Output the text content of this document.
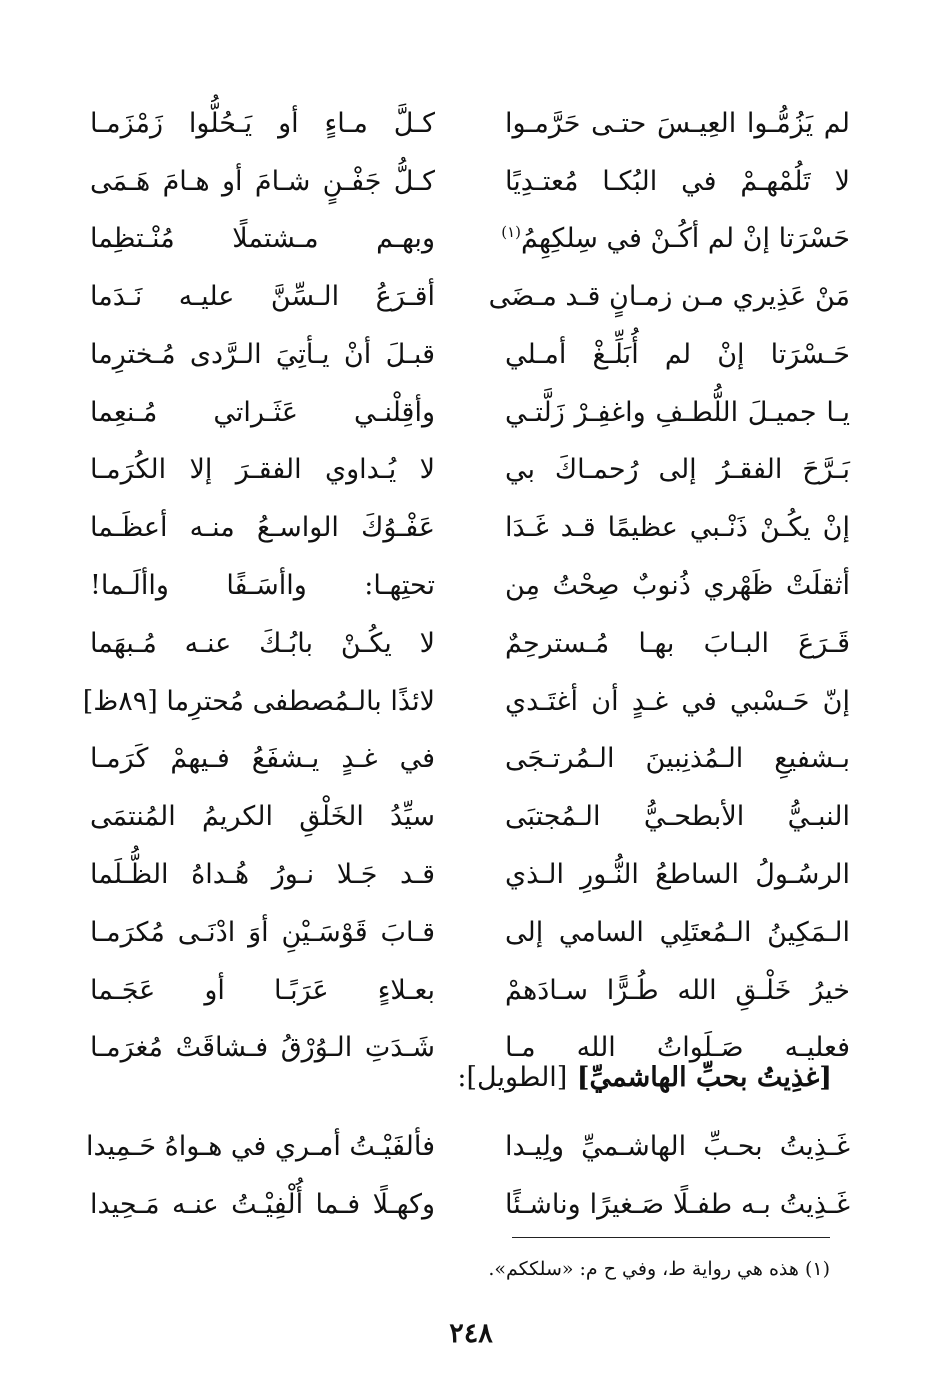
لم يَزُمُّـوا العِيـسَ حتـى حَرَّمـوا
كـلَّ مـاءٍ أو يَـحُلُّوا زَمْزَمـا
لا تَلُمْهـمْ في البُكـا مُعتـدِيًا
كـلُّ جَفْـنٍ شـامَ أو هـامَ هَـمَى
حَسْرَتا إنْ لم أكُـنْ في سِلكِهِمُ$^{(١)}$
وبهـم مـشتملًا مُنْـتظِما
مَنْ عَذِيري مـن زمـانٍ قـد مـضَى
أقـرَعُ الـسِّنَّ عليـه نَـدَما
حَـسْرَتا إنْ لم أُبَلِّـغْ أمـلي
قبـلَ أنْ يـأتِيَ الـرَّدى مُـخترِما
يـا جميـلَ اللُّطـفِ واغفِـرْ زَلَّتـي
وأقِلْنـي عَثَـراتي مُـنعِما
بَـرَّحَ الفقـرُ إلى رُحمـاكَ بي
لا يُـداوي الفقـرَ إلا الكُرَمـا
إنْ يكُـنْ ذَنْـبي عظيمًا قـد غَـدَا
عَفْـوُكَ الواسـعُ منـه أعظَـما
أثقلَتْ ظَهْري ذُنوبٌ صِحْتُ مِن
تحتِهـا: واأسَـفًا واألَـما!
قَـرَعَ البـابَ بهـا مُـسترحِمٌ
لا يكُـنْ بابُـكَ عنـه مُـبهَما
إنّ حَـسْبي في غـدٍ أن أغتَـدي
لائذًا بالـمُصطفى مُحترِما [٨٩ظ]
بـشفيعِ الـمُذنِبينَ الـمُرتـجَى
في غـدٍ يـشفَعُ فـيهمْ كَرَمـا
النبـيُّ الأبطحـيُّ الـمُجتبَى
سيِّدُ الخَلْقِ الكريمُ المُنتمَى
الرسُـولُ الساطعُ النُّـورِ الـذي
قـد جَـلا نـورُ هُـداهُ الظُّـلَما
الـمَكِينُ الـمُعتَلِي السامي إلى
قـابَ قَوْسَـيْنِ أوَ ادْنَـى مُكرَمـا
خيرُ خَلْـقِ الله طُـرًّا سـادَهمْ
بعـلاءٍ عَرَبًـا أو عَجَـما
فعليـه صَـلَواتُ الله مـا
شَـدَتِ الـوُرْقُ فـشاقَتْ مُغرَمـا
[غذِيتُ بحبِّ الهاشميِّ] [الطويل]:
غَـذِيتُ بحـبِّ الهاشـميِّ ولِيـدا
فألفَيْـتُ أمـري في هـواهُ حَـمِيدا
غَـذِيتُ بـه طفـلًا صَـغيرًا وناشـئًا
وكهـلًا فـما أُلْفِيْـتُ عنـه مَـحِيدا
(١) هذه هي رواية ط، وفي ح م: «سلككم».
٢٤٨
